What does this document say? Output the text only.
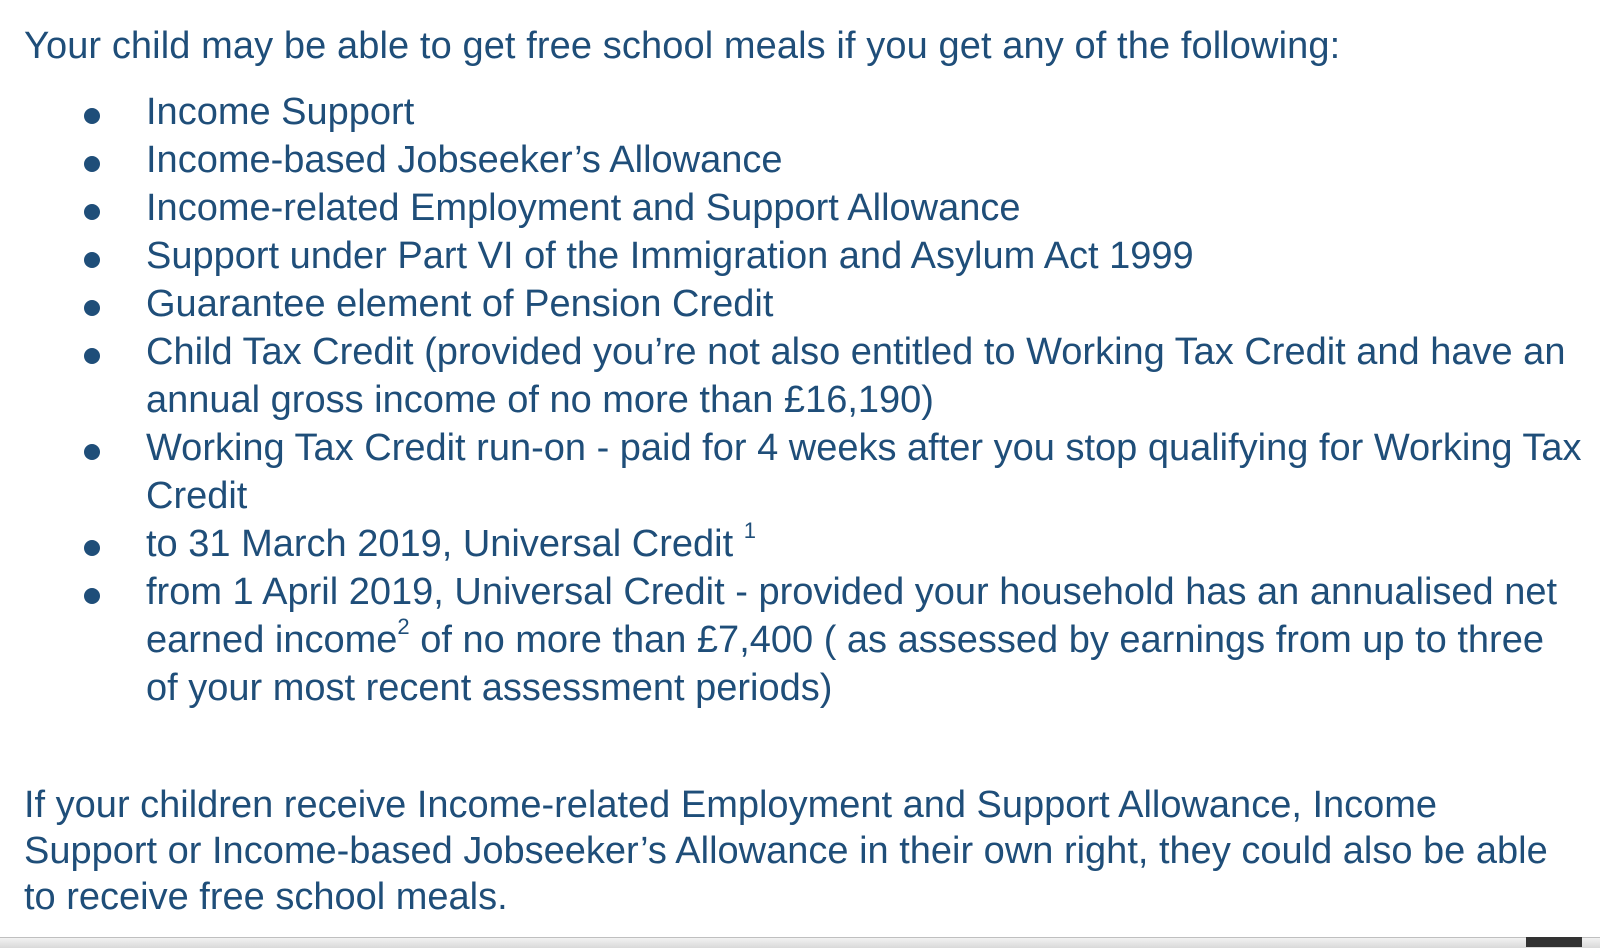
Your child may be able to get free school meals if you get any of the following:

Income Support
Income-based Jobseeker’s Allowance
Income-related Employment and Support Allowance
Support under Part VI of the Immigration and Asylum Act 1999
Guarantee element of Pension Credit
Child Tax Credit (provided you’re not also entitled to Working Tax Credit and have an annual gross income of no more than £16,190)
Working Tax Credit run-on - paid for 4 weeks after you stop qualifying for Working Tax Credit
to 31 March 2019, Universal Credit $^1$
from 1 April 2019, Universal Credit - provided your household has an annualised net earned income$^2$ of no more than £7,400 ( as assessed by earnings from up to three of your most recent assessment periods)

If your children receive Income-related Employment and Support Allowance, Income Support or Income-based Jobseeker’s Allowance in their own right, they could also be able to receive free school meals.
